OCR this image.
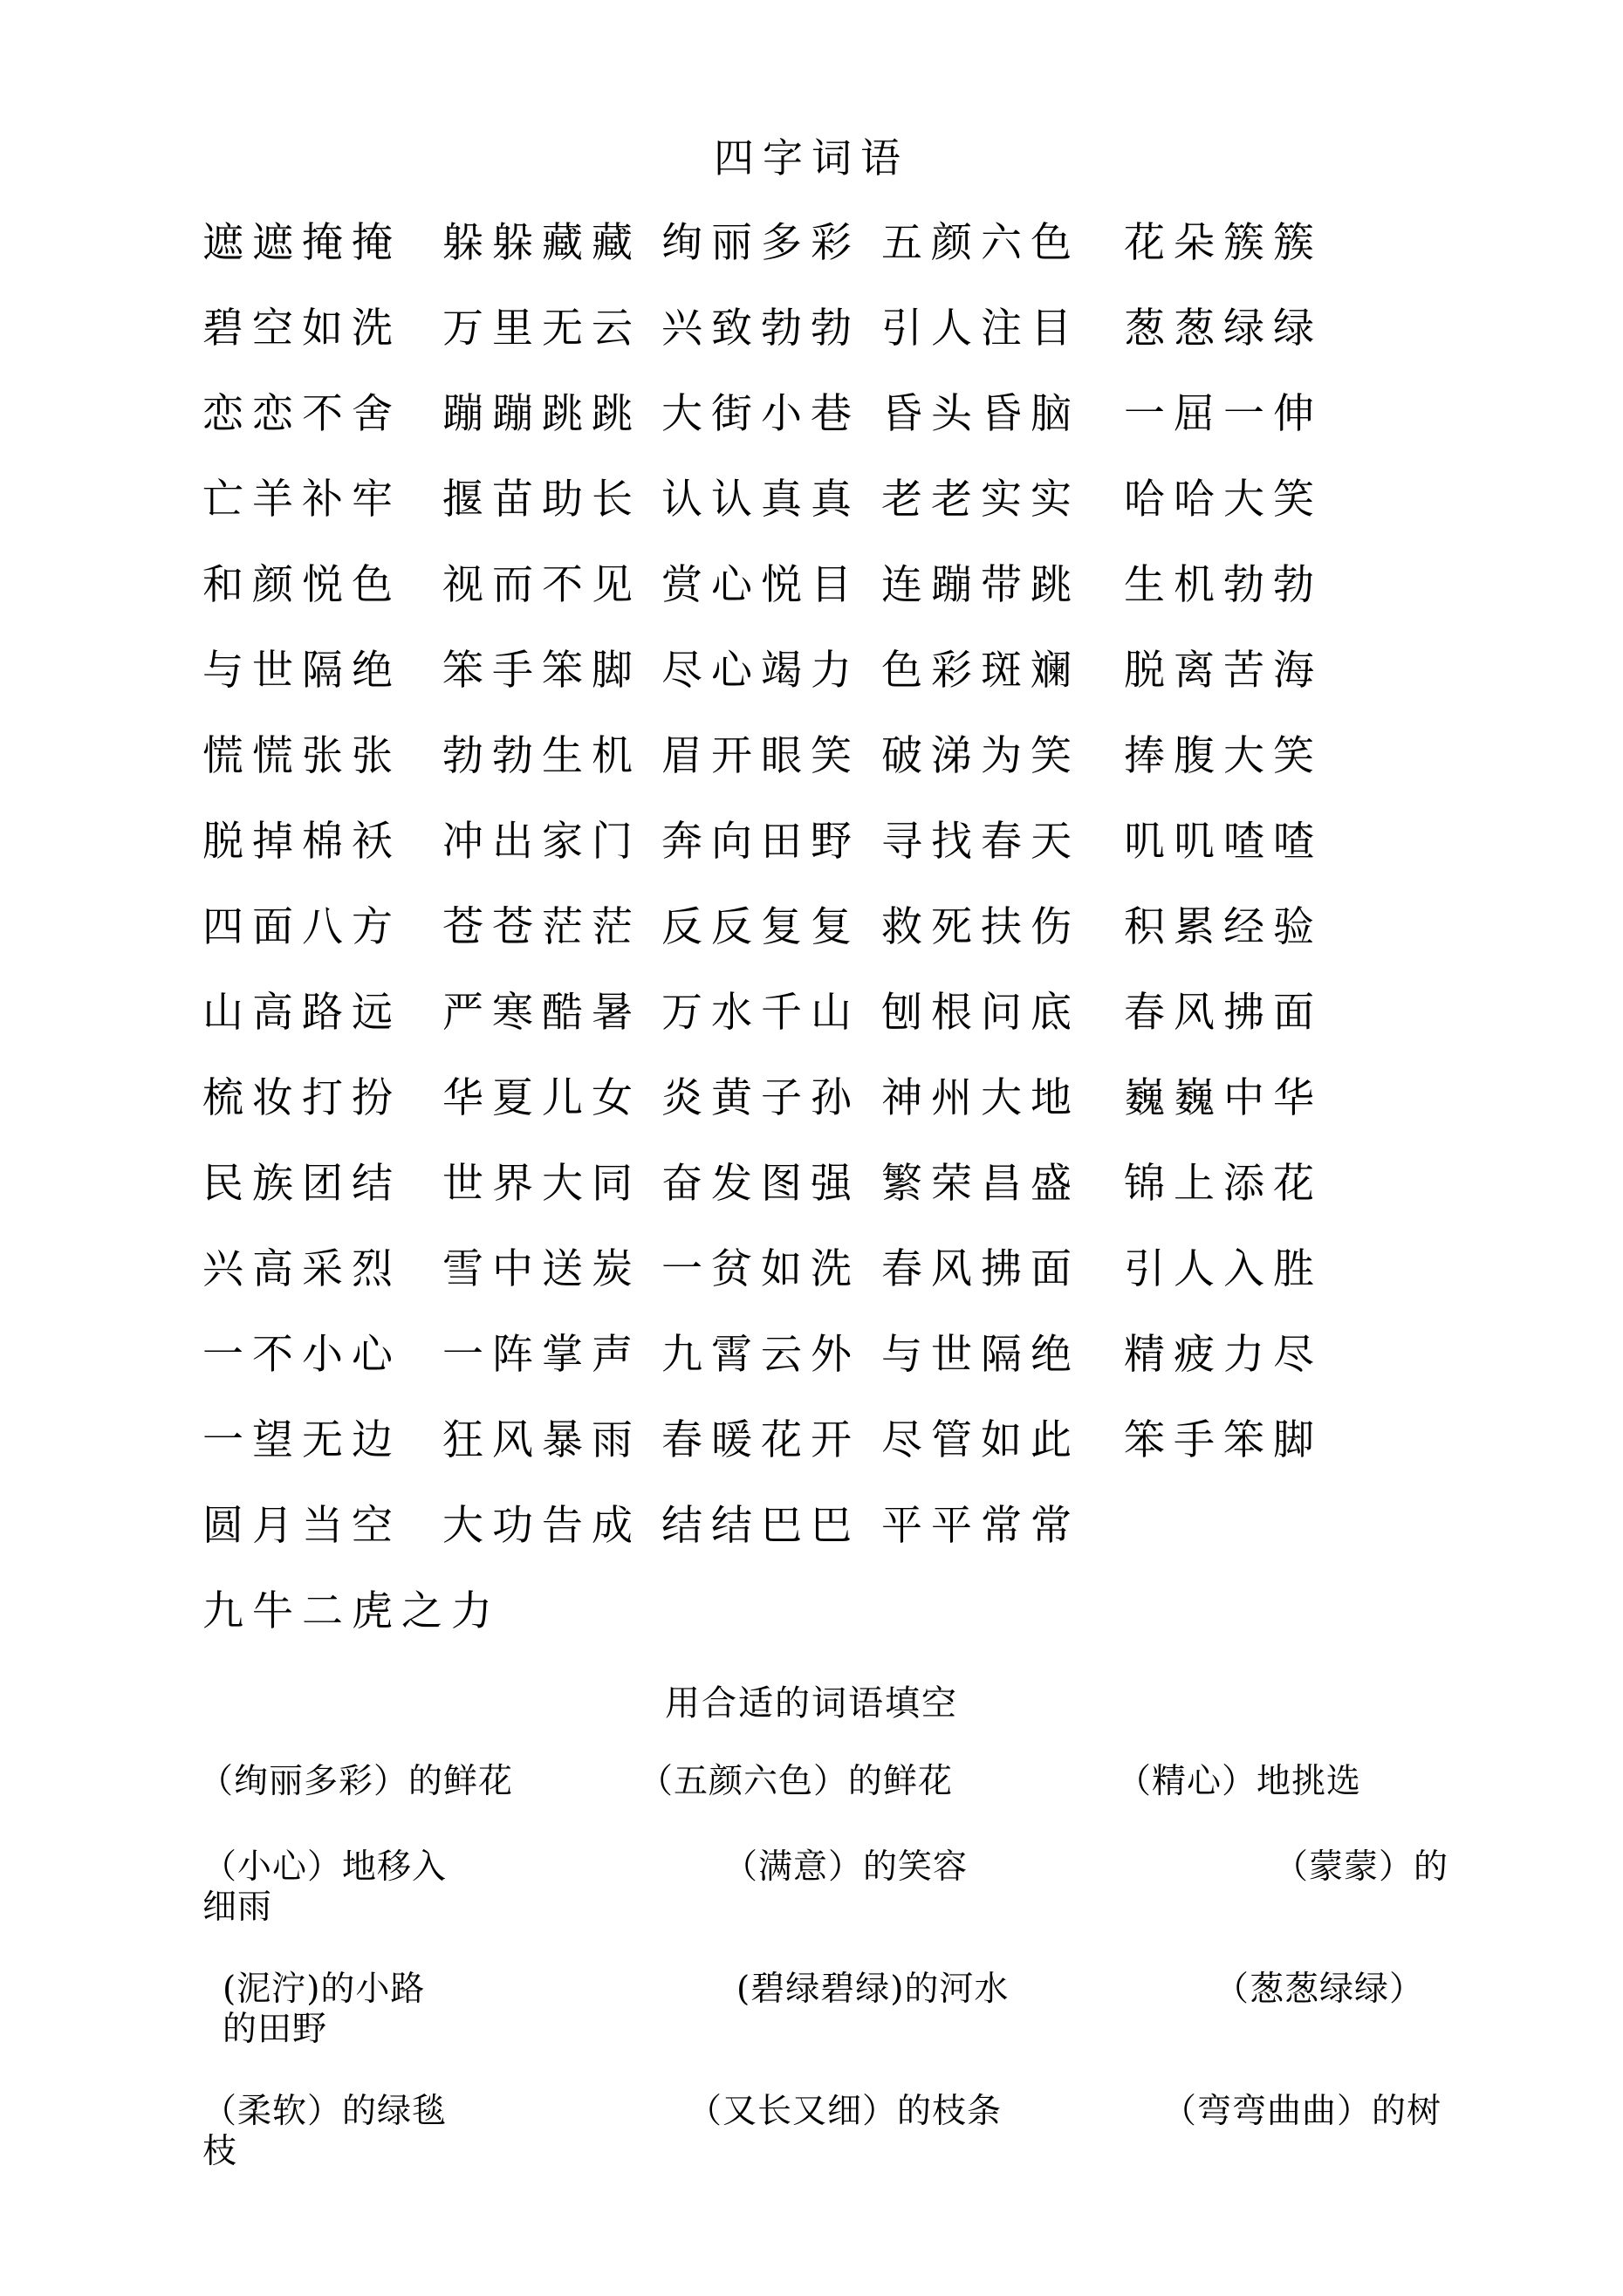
四字词语
遮遮掩掩 躲躲藏藏 绚丽多彩 五颜六色 花朵簇簇
碧空如洗 万里无云 兴致勃勃 引人注目 葱葱绿绿
恋恋不舍 蹦蹦跳跳 大街小巷 昏头昏脑 一屈一伸
亡羊补牢 揠苗助长 认认真真 老老实实 哈哈大笑
和颜悦色 视而不见 赏心悦目 连蹦带跳 生机勃勃
与世隔绝 笨手笨脚 尽心竭力 色彩斑斓 脱离苦海
慌慌张张 勃勃生机 眉开眼笑 破涕为笑 捧腹大笑
脱掉棉袄 冲出家门 奔向田野 寻找春天 叽叽喳喳
四面八方 苍苍茫茫 反反复复 救死扶伤 积累经验
山高路远 严寒酷暑 万水千山 刨根问底 春风拂面
梳妆打扮 华夏儿女 炎黄子孙 神州大地 巍巍中华
民族团结 世界大同 奋发图强 繁荣昌盛 锦上添花
兴高采烈 雪中送炭 一贫如洗 春风拂面 引人入胜
一不小心 一阵掌声 九霄云外 与世隔绝 精疲力尽
一望无边 狂风暴雨 春暖花开 尽管如此 笨手笨脚
圆月当空 大功告成 结结巴巴 平平常常
九牛二虎之力
用合适的词语填空
（绚丽多彩）的鲜花	（五颜六色）的鲜花	（精心）地挑选
（小心）地移入	（满意）的笑容	（蒙蒙）的
细雨
(泥泞)的小路	(碧绿碧绿)的河水	（葱葱绿绿）
的田野
（柔软）的绿毯	（又长又细）的枝条	（弯弯曲曲）的树
枝
